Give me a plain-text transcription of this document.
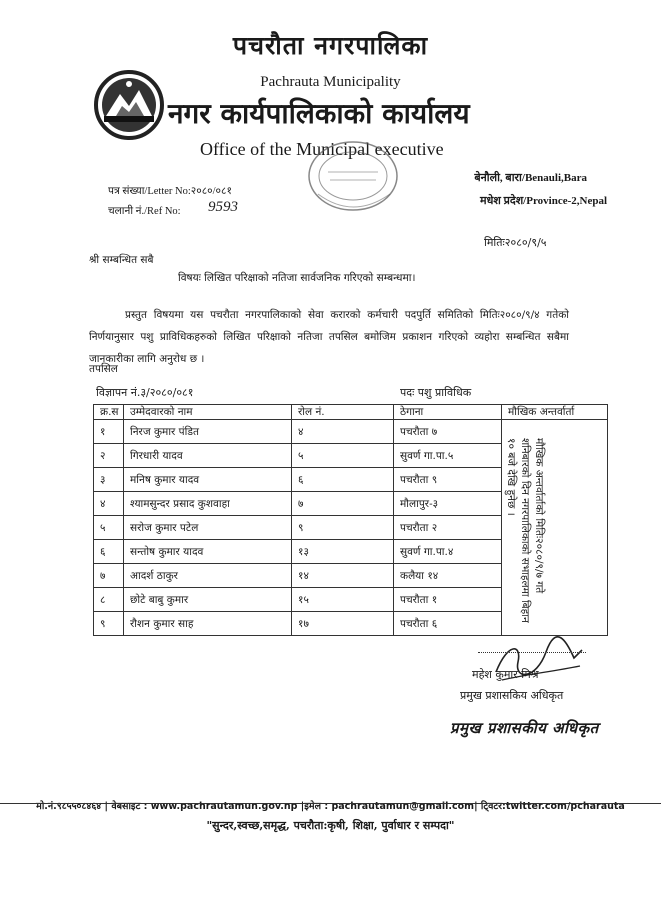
पचरौता नगरपालिका
Pachrauta Municipality
नगर कार्यपालिकाको कार्यालय
Office of the Municipal executive
पत्र संख्या/Letter No:२०८०/०८१
चलानी नं./Ref No: 9593
बेनौली, बारा/Benauli,Bara
मधेश प्रदेश/Province-2,Nepal
मितिः२०८०/९/५
श्री सम्बन्धित सबै
विषयः लिखित परिक्षाको नतिजा सार्वजनिक गरिएको सम्बन्धमा।
प्रस्तुत विषयमा यस पचरौता नगरपालिकाको सेवा करारको कर्मचारी पदपुर्ति समितिको मितिः२०८०/९/४ गतेको निर्णयानुसार पशु प्राविधिकहरुको लिखित परिक्षाको नतिजा तपसिल बमोजिम प्रकाशन गरिएको व्यहोरा सम्बन्धित सबैमा जानकारीका लागि अनुरोध छ ।
तपसिल
विज्ञापन नं.३/२०८०/०८१	पदः पशु प्राविधिक
क्र.स	उम्मेदवारको नाम	रोल नं.	ठेगाना	मौखिक अन्तर्वार्ता
१	निरज कुमार पंडित	४	पचरौता ७	मौखिक अन्तर्वार्ताको मितिः२०८०/९/७ गते शनिबारको दिन नगरपालिकाको सभाहलमा बिहान १० बजे देखि हुनेछ ।

२	गिरधारी यादव	५	सुवर्ण गा.पा.५	
३	मनिष कुमार यादव	६	पचरौता ९	
४	श्यामसुन्दर प्रसाद कुशवाहा	७	मौलापुर-३	
५	सरोज कुमार पटेल	९	पचरौता २	
६	सन्तोष कुमार यादव	१३	सुवर्ण गा.पा.४	
७	आदर्श ठाकुर	१४	कलैया १४	
८	छोटे बाबु कुमार	१५	पचरौता १	
९	रौशन कुमार साह	१७	पचरौता ६	
महेश कुमार मिश्र
प्रमुख प्रशासकिय अधिकृत
प्रमुख प्रशासकीय अधिकृत
मो.नं.९८५५०८४६४ | वेबसाइट : www.pachrautamun.gov.np |इमेल : pachrautamun@gmail.com| टि्वटर:twitter.com/pcharauta
"सुन्दर,स्वच्छ,समृद्ध, पचरौता:कृषी, शिक्षा, पुर्वाधार र सम्पदा"
